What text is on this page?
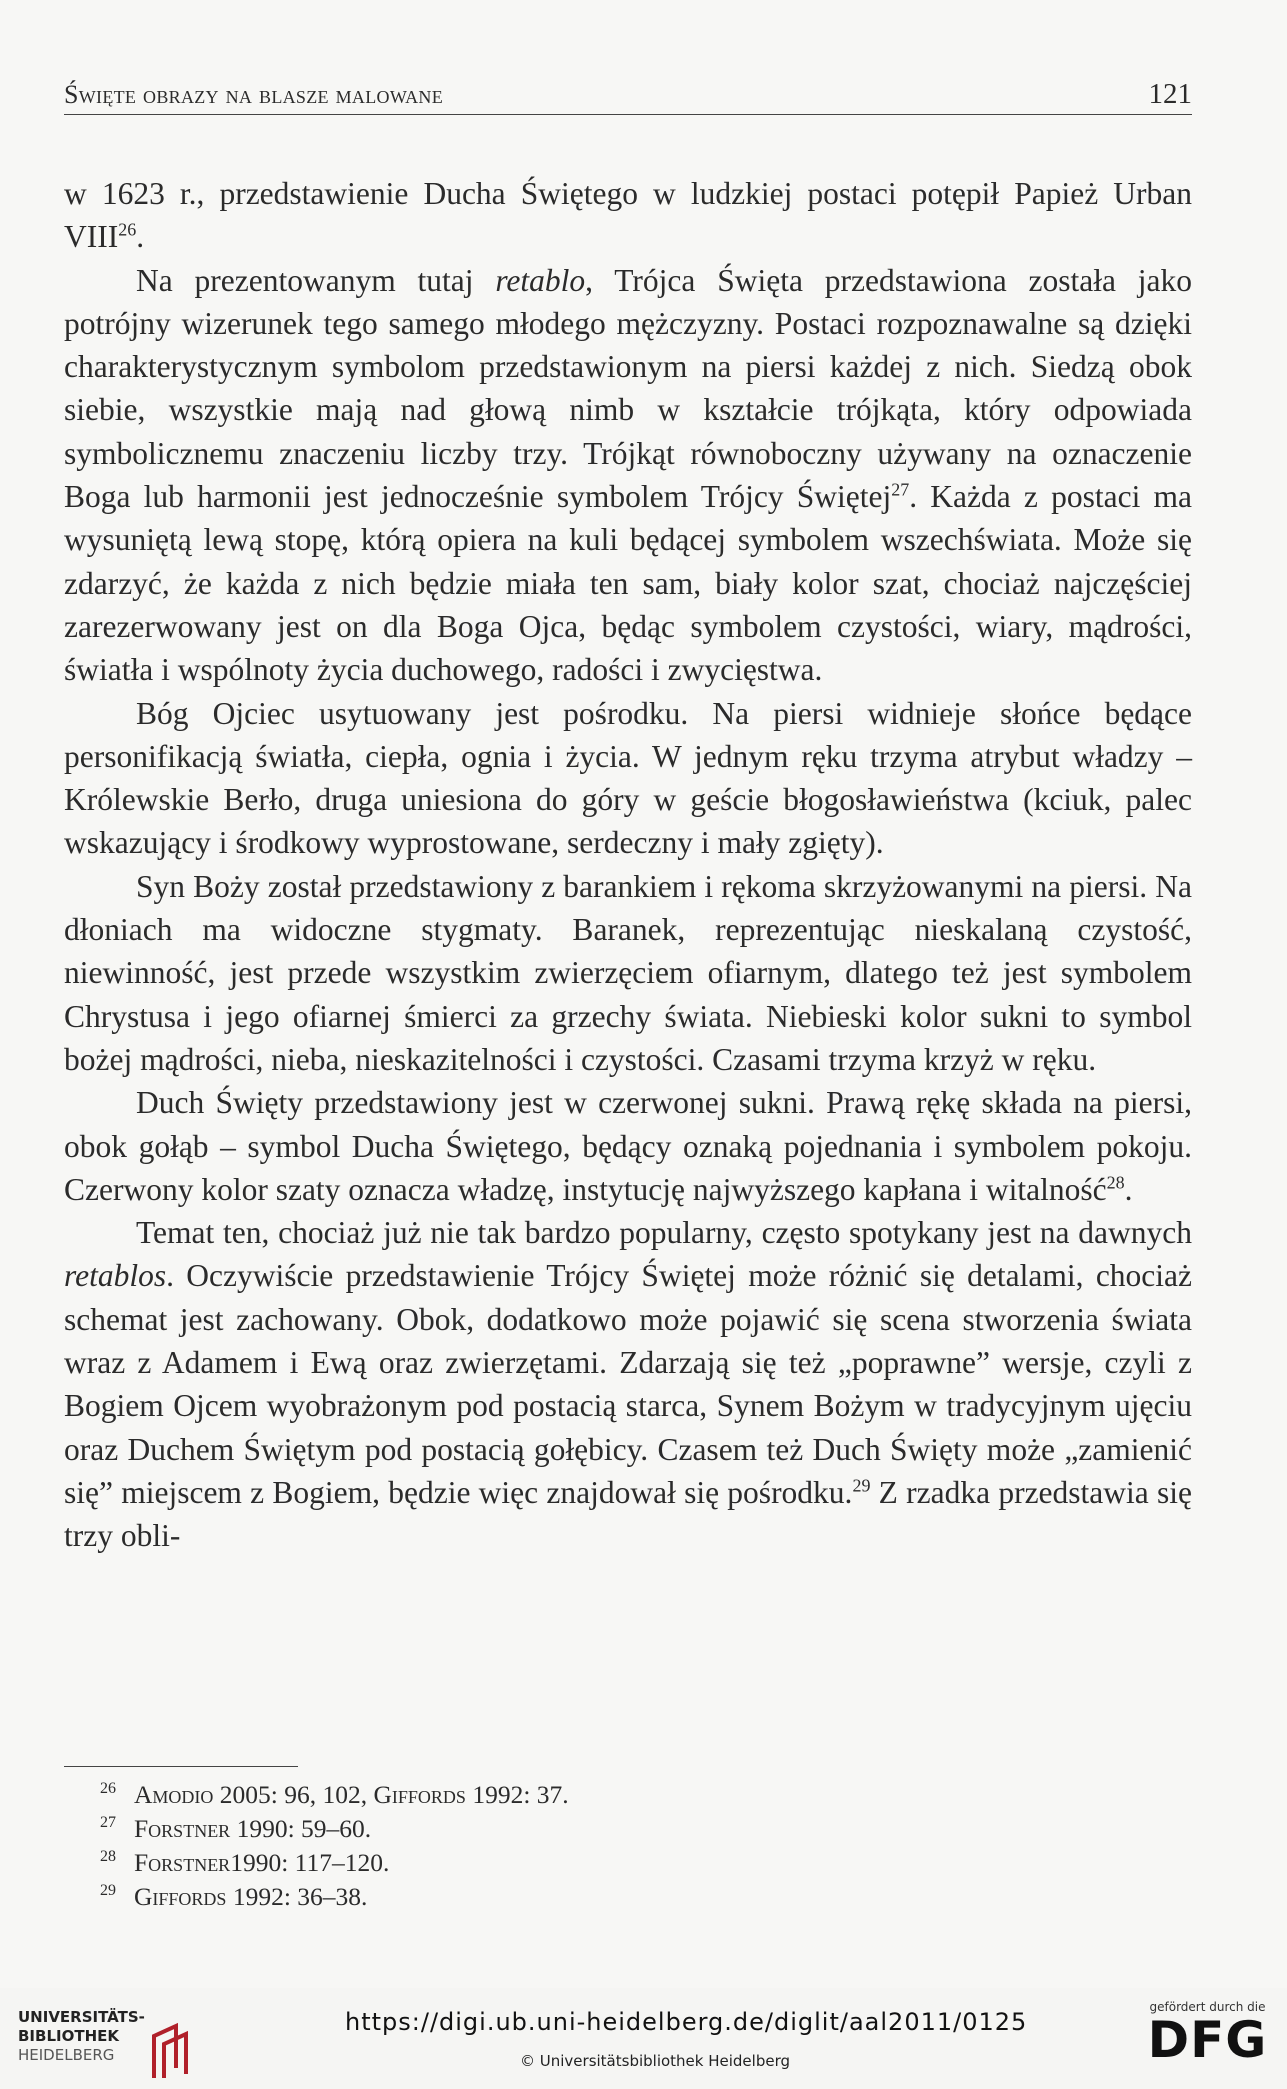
Święte obrazy na blasze malowane	121

w 1623 r., przedstawienie Ducha Świętego w ludzkiej postaci potępił Papież Urban VIII$^{26}$.

Na prezentowanym tutaj retablo, Trójca Święta przedstawiona została jako potrójny wizerunek tego samego młodego mężczyzny. Postaci rozpoznawalne są dzięki charakterystycznym symbolom przedstawionym na piersi każdej z nich. Siedzą obok siebie, wszystkie mają nad głową nimb w kształcie trójkąta, który odpowiada symbolicznemu znaczeniu liczby trzy. Trójkąt równoboczny używany na oznaczenie Boga lub harmonii jest jednocześnie symbolem Trójcy Świętej$^{27}$. Każda z postaci ma wysuniętą lewą stopę, którą opiera na kuli będącej symbolem wszechświata. Może się zdarzyć, że każda z nich będzie miała ten sam, biały kolor szat, chociaż najczęściej zarezerwowany jest on dla Boga Ojca, będąc symbolem czystości, wiary, mądrości, światła i wspólnoty życia duchowego, radości i zwycięstwa.

Bóg Ojciec usytuowany jest pośrodku. Na piersi widnieje słońce będące personifikacją światła, ciepła, ognia i życia. W jednym ręku trzyma atrybut władzy – Królewskie Berło, druga uniesiona do góry w geście błogosławieństwa (kciuk, palec wskazujący i środkowy wyprostowane, serdeczny i mały zgięty).

Syn Boży został przedstawiony z barankiem i rękoma skrzyżowanymi na piersi. Na dłoniach ma widoczne stygmaty. Baranek, reprezentując nieskalaną czystość, niewinność, jest przede wszystkim zwierzęciem ofiarnym, dlatego też jest symbolem Chrystusa i jego ofiarnej śmierci za grzechy świata. Niebieski kolor sukni to symbol bożej mądrości, nieba, nieskazitelności i czystości. Czasami trzyma krzyż w ręku.

Duch Święty przedstawiony jest w czerwonej sukni. Prawą rękę składa na piersi, obok gołąb – symbol Ducha Świętego, będący oznaką pojednania i symbolem pokoju. Czerwony kolor szaty oznacza władzę, instytucję najwyższego kapłana i witalność$^{28}$.

Temat ten, chociaż już nie tak bardzo popularny, często spotykany jest na dawnych retablos. Oczywiście przedstawienie Trójcy Świętej może różnić się detalami, chociaż schemat jest zachowany. Obok, dodatkowo może pojawić się scena stworzenia świata wraz z Adamem i Ewą oraz zwierzętami. Zdarzają się też „poprawne” wersje, czyli z Bogiem Ojcem wyobrażonym pod postacią starca, Synem Bożym w tradycyjnym ujęciu oraz Duchem Świętym pod postacią gołębicy. Czasem też Duch Święty może „zamienić się” miejscem z Bogiem, będzie więc znajdował się pośrodku.$^{29}$ Z rzadka przedstawia się trzy obli-

26 Amodio 2005: 96, 102, Giffords 1992: 37.
27 Forstner 1990: 59–60.
28 Forstner1990: 117–120.
29 Giffords 1992: 36–38.
UNIVERSITÄTS-
BIBLIOTHEK
HEIDELBERG
https://digi.ub.uni-heidelberg.de/diglit/aal2011/0125
© Universitätsbibliothek Heidelberg
gefördert durch die
DFG
